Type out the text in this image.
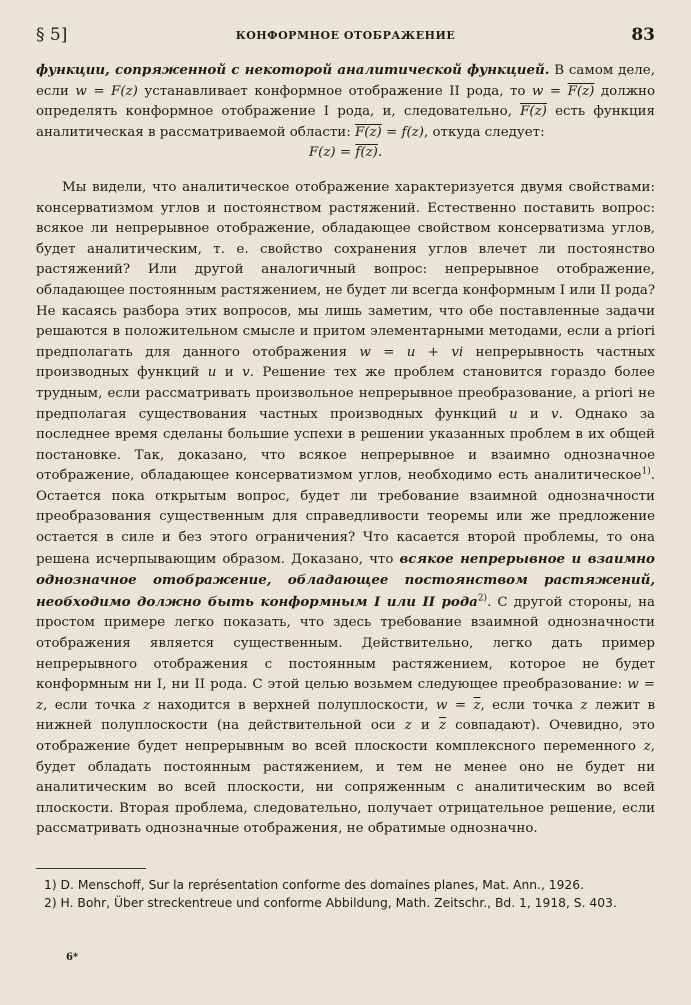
§ 5]	КОНФОРМНОЕ ОТОБРАЖЕНИЕ	83

функции, сопряженной с некоторой аналитической функцией. В самом деле, если w = F(z) устанавливает конформное отображение II рода, то w = F(z) должно определять конформное отображение I рода, и, следовательно, F(z) есть функция аналитическая в рассматриваемой области: F(z) = f(z), откуда следует:

F(z) = f(z).

Мы видели, что аналитическое отображение характеризуется двумя свойствами: консерватизмом углов и постоянством растяжений. Естественно поставить вопрос: всякое ли непрерывное отображение, обладающее свойством консерватизма углов, будет аналитическим, т. е. свойство сохранения углов влечет ли постоянство растяжений? Или другой аналогичный вопрос: непрерывное отображение, обладающее постоянным растяжением, не будет ли всегда конформным I или II рода? Не касаясь разбора этих вопросов, мы лишь заметим, что обе поставленные задачи решаются в положительном смысле и притом элементарными методами, если а priori предполагать для данного отображения w = u + vi непрерывность частных производных функций u и v. Решение тех же проблем становится гораздо более трудным, если рассматривать произвольное непрерывное преобразование, а priori не предполагая существования частных производных функций u и v. Однако за последнее время сделаны большие успехи в решении указанных проблем в их общей постановке. Так, доказано, что всякое непрерывное и взаимно однозначное отображение, обладающее консерватизмом углов, необходимо есть аналитическое$^{1)}$. Остается пока открытым вопрос, будет ли требование взаимной однозначности преобразования существенным для справедливости теоремы или же предложение остается в силе и без этого ограничения? Что касается второй проблемы, то она решена исчерпывающим образом. Доказано, что всякое непрерывное и взаимно однозначное отображение, обладающее постоянством растяжений, необходимо должно быть конформным I или II рода$^{2)}$. С другой стороны, на простом примере легко показать, что здесь требование взаимной однозначности отображения является существенным. Действительно, легко дать пример непрерывного отображения с постоянным растяжением, которое не будет конформным ни I, ни II рода. С этой целью возьмем следующее преобразование: w = z, если точка z находится в верхней полуплоскости, $w = \overline{z}$, если точка z лежит в нижней полуплоскости (на действительной оси z и $\overline{z}$ совпадают). Очевидно, это отображение будет непрерывным во всей плоскости комплексного переменного z, будет обладать постоянным растяжением, и тем не менее оно не будет ни аналитическим во всей плоскости, ни сопряженным с аналитическим во всей плоскости. Вторая проблема, следовательно, получает отрицательное решение, если рассматривать однозначные отображения, не обратимые однозначно.

1) D. Menschoff, Sur la représentation conforme des domaines planes, Mat. Ann., 1926.

2) H. Bohr, Über streckentreue und conforme Abbildung, Math. Zeitschr., Bd. 1, 1918, S. 403.

6*
